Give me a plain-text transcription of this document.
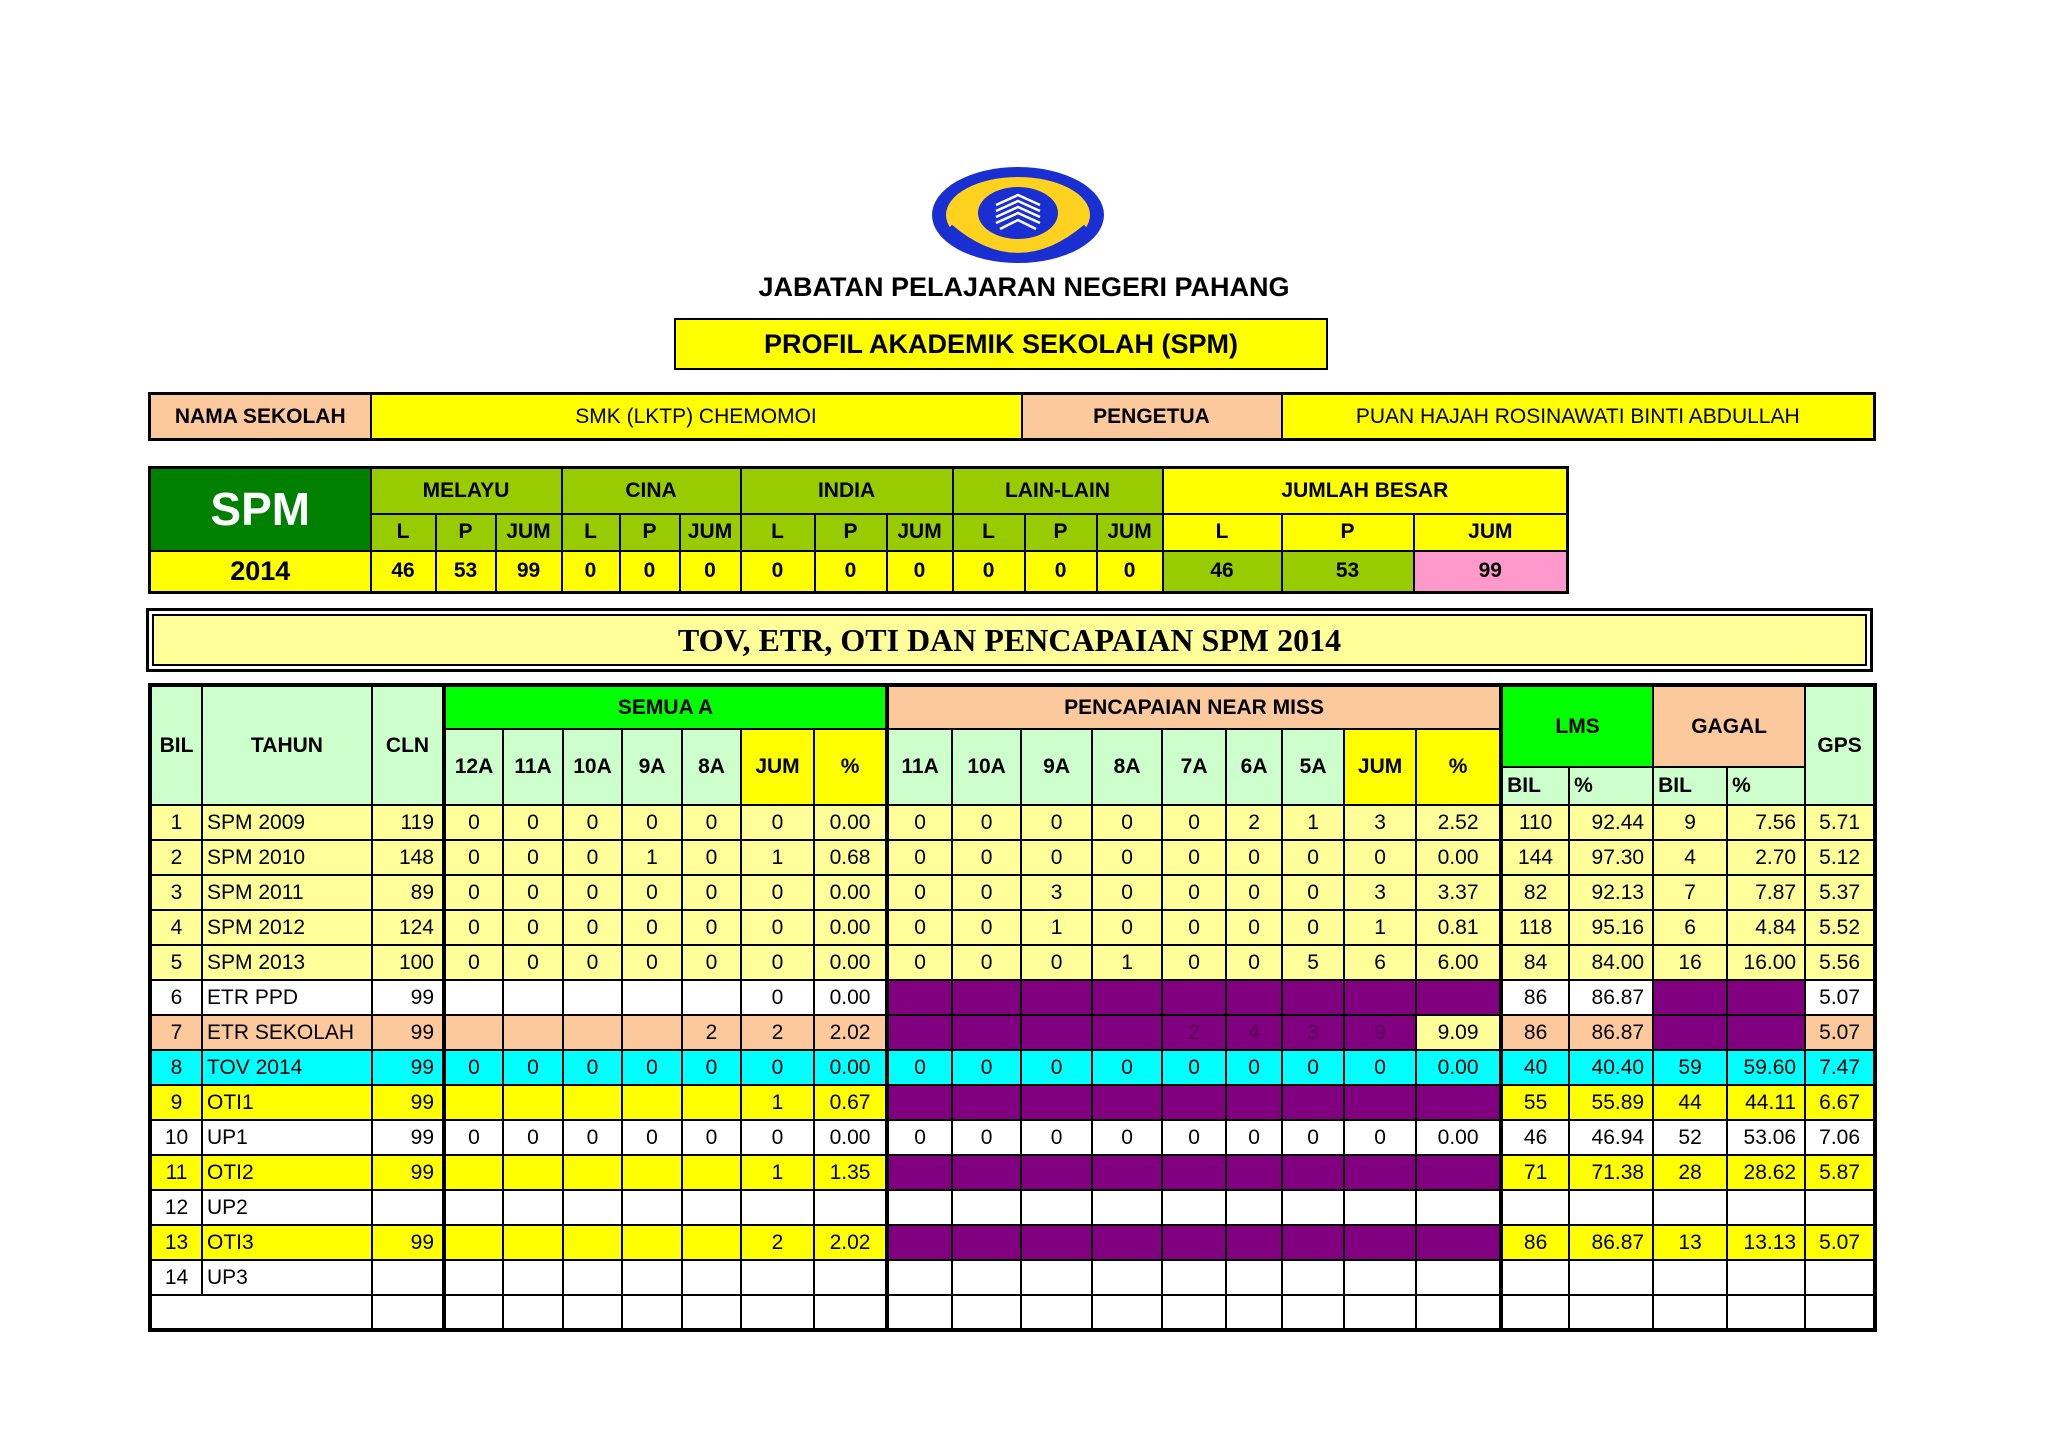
JABATAN PELAJARAN NEGERI PAHANG
PROFIL AKADEMIK SEKOLAH (SPM)
NAMA SEKOLAH	SMK (LKTP) CHEMOMOI	PENGETUA	PUAN HAJAH ROSINAWATI BINTI ABDULLAH
SPM	MELAYU			CINA			INDIA			LAIN-LAIN			JUMLAH BESAR		
	L	P	JUM	L	P	JUM	L	P	JUM	L	P	JUM	L	P	JUM
2014	46	53	99	0	0	0	0	0	0	0	0	0	46	53	99
TOV, ETR, OTI DAN PENCAPAIAN SPM 2014
BIL	TAHUN	CLN	SEMUA A							PENCAPAIAN NEAR MISS									LMS		GAGAL		GPS
			12A	11A	10A	9A	8A	JUM	%	11A	10A	9A	8A	7A	6A	5A	JUM	%					
																			BIL	%	BIL	%	
1	SPM 2009	119	0	0	0	0	0	0	0.00	0	0	0	0	0	2	1	3	2.52	110	92.44	9	7.56	5.71
2	SPM 2010	148	0	0	0	1	0	1	0.68	0	0	0	0	0	0	0	0	0.00	144	97.30	4	2.70	5.12
3	SPM 2011	89	0	0	0	0	0	0	0.00	0	0	3	0	0	0	0	3	3.37	82	92.13	7	7.87	5.37
4	SPM 2012	124	0	0	0	0	0	0	0.00	0	0	1	0	0	0	0	1	0.81	118	95.16	6	4.84	5.52
5	SPM 2013	100	0	0	0	0	0	0	0.00	0	0	0	1	0	0	5	6	6.00	84	84.00	16	16.00	5.56
6	ETR PPD	99						0	0.00										86	86.87			5.07
7	ETR SEKOLAH	99					2	2	2.02					2	4	3	9	9.09	86	86.87			5.07
8	TOV 2014	99	0	0	0	0	0	0	0.00	0	0	0	0	0	0	0	0	0.00	40	40.40	59	59.60	7.47
9	OTI1	99						1	0.67										55	55.89	44	44.11	6.67
10	UP1	99	0	0	0	0	0	0	0.00	0	0	0	0	0	0	0	0	0.00	46	46.94	52	53.06	7.06
11	OTI2	99						1	1.35										71	71.38	28	28.62	5.87
12	UP2																						
13	OTI3	99						2	2.02										86	86.87	13	13.13	5.07
14	UP3																						
